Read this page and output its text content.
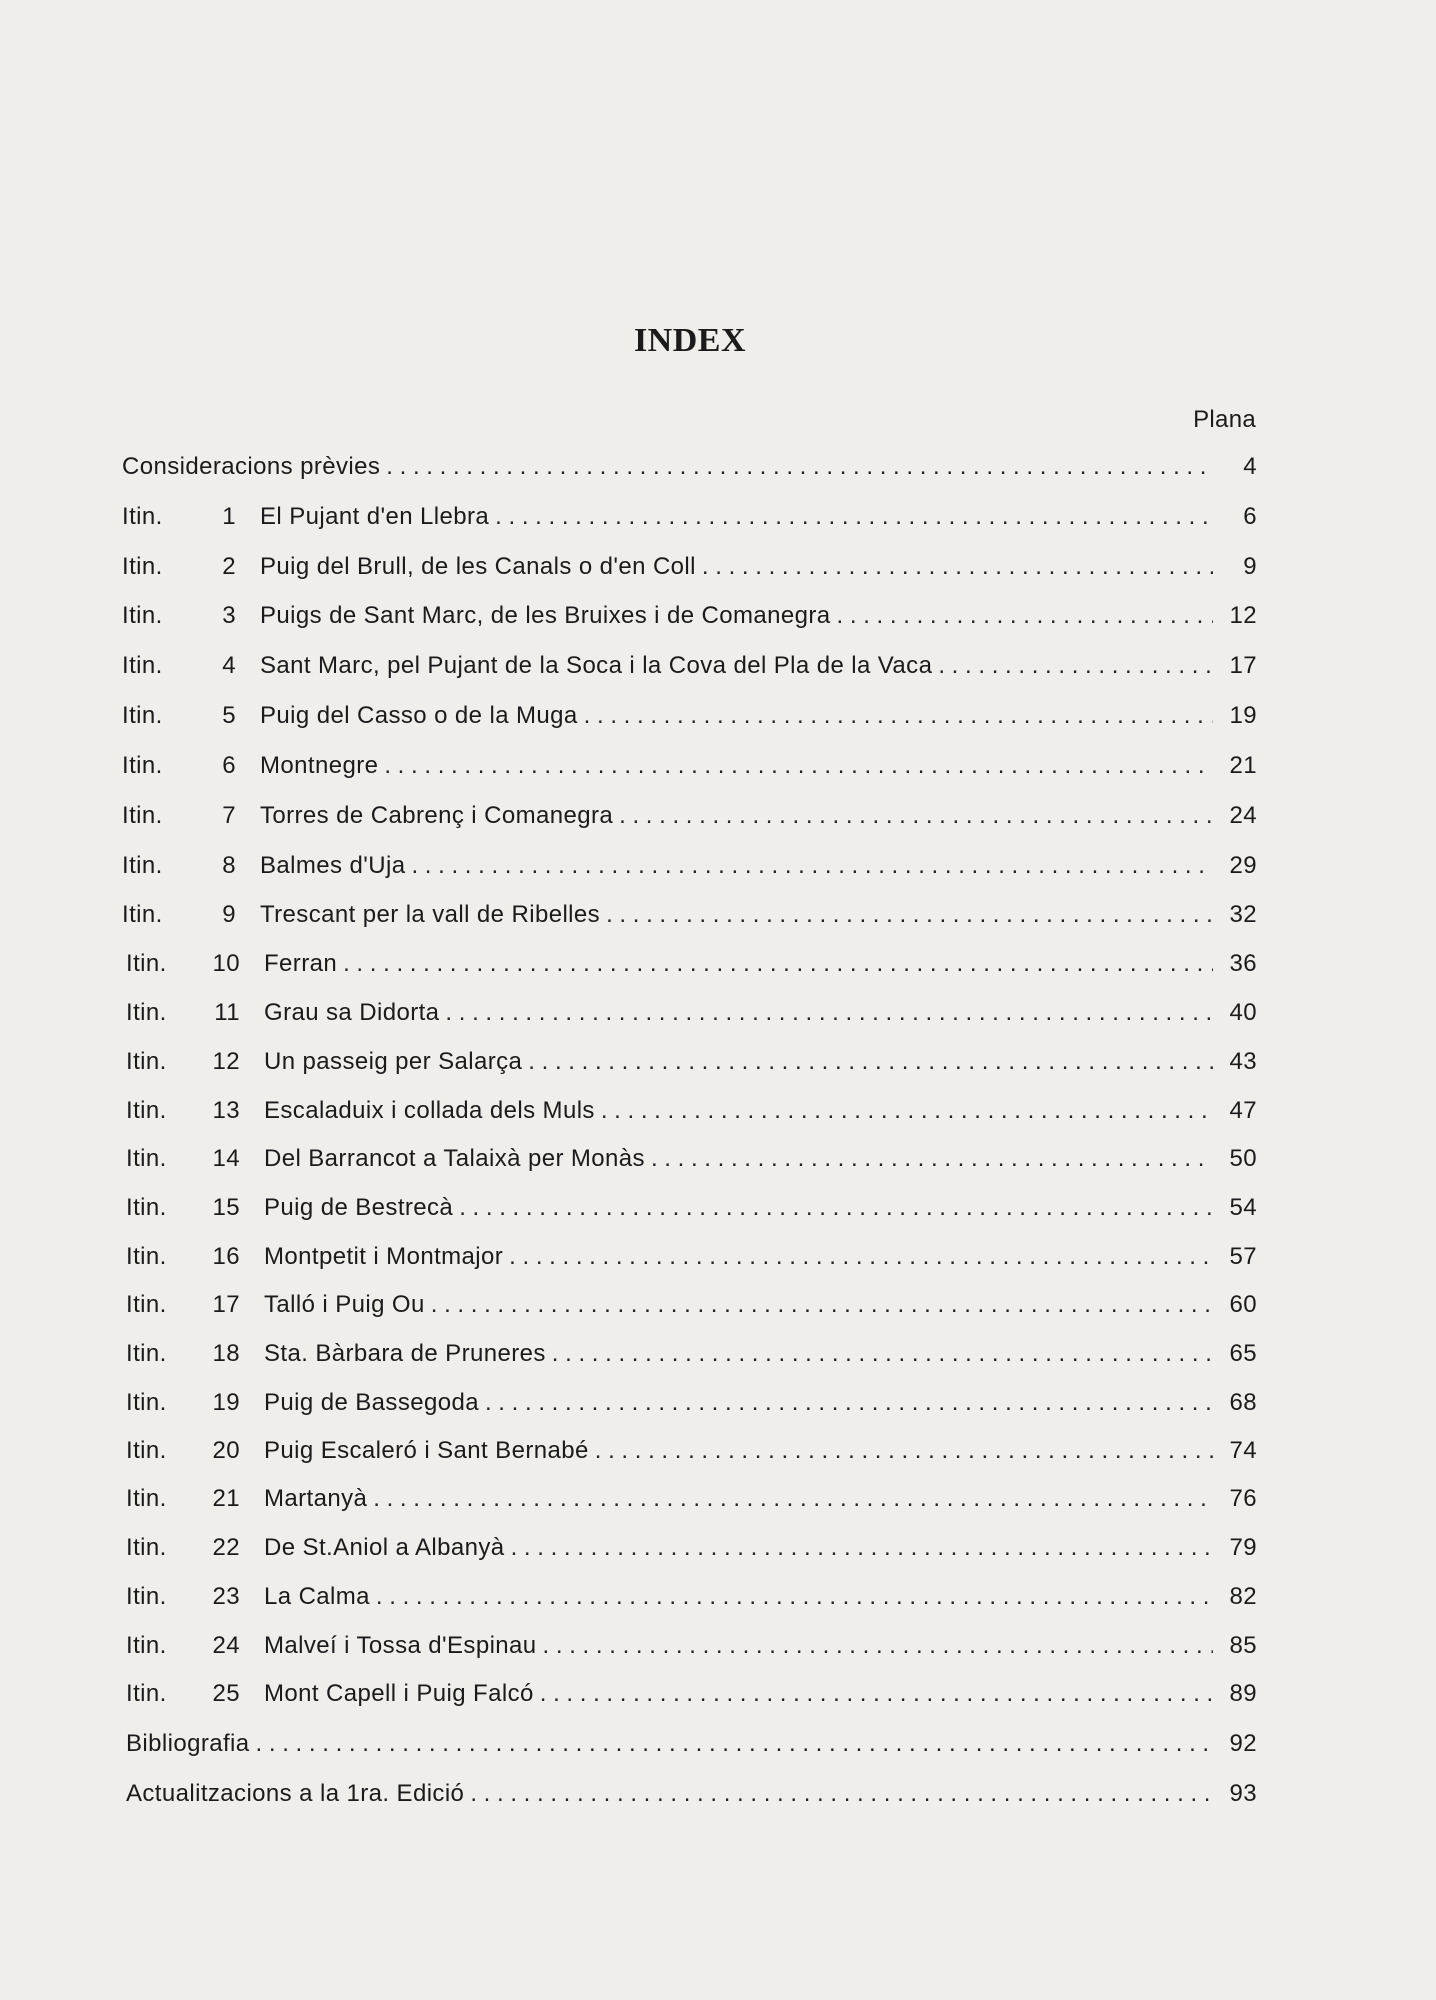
INDEX
Plana
Consideracions prèvies . . .	4
Itin.	1 El Pujant d'en Llebra . . .	6
Itin.	2 Puig del Brull, de les Canals o d'en Coll . . .	9
Itin.	3 Puigs de Sant Marc, de les Bruixes i de Comanegra . . .	12
Itin.	4 Sant Marc, pel Pujant de la Soca i la Cova del Pla de la Vaca . . .	17
Itin.	5 Puig del Casso o de la Muga . . .	19
Itin.	6 Montnegre . . .	21
Itin.	7 Torres de Cabrenç i Comanegra . . .	24
Itin.	8 Balmes d'Uja . . .	29
Itin.	9 Trescant per la vall de Ribelles . . .	32
Itin.	10 Ferran . . .	36
Itin.	11 Grau sa Didorta . . .	40
Itin.	12 Un passeig per Salarça . . .	43
Itin.	13 Escaladuix i collada dels Muls . . .	47
Itin.	14 Del Barrancot a Talaixà per Monàs . . .	50
Itin.	15 Puig de Bestrecà . . .	54
Itin.	16 Montpetit i Montmajor . . .	57
Itin.	17 Talló i Puig Ou . . .	60
Itin.	18 Sta. Bàrbara de Pruneres . . .	65
Itin.	19 Puig de Bassegoda . . .	68
Itin.	20 Puig Escaleró i Sant Bernabé . . .	74
Itin.	21 Martanyà . . .	76
Itin.	22 De St.Aniol a Albanyà . . .	79
Itin.	23 La Calma . . .	82
Itin.	24 Malveí i Tossa d'Espinau . . .	85
Itin.	25 Mont Capell i Puig Falcó . . .	89
Bibliografia . . .	92
Actualitzacions a la 1ra. Edició . . .	93
